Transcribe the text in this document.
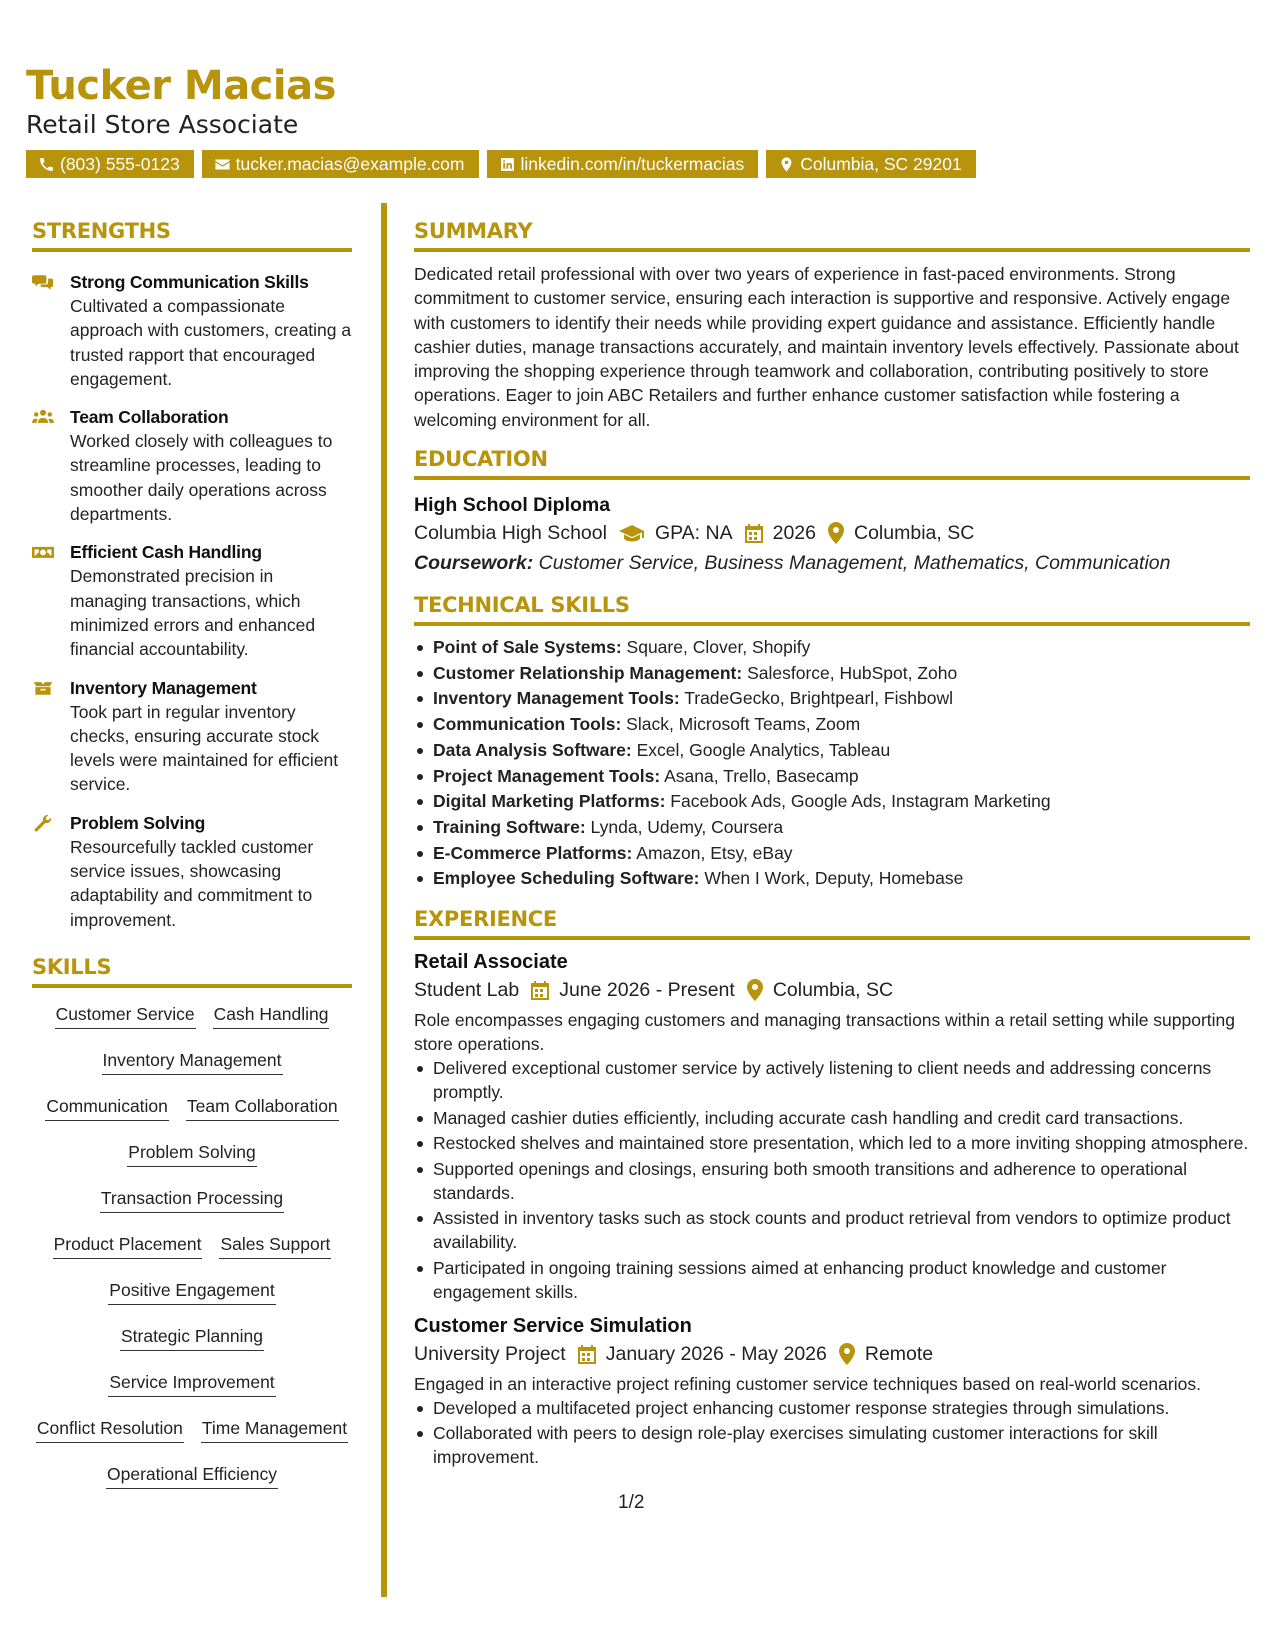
Tucker Macias
Retail Store Associate
(803) 555-0123	tucker.macias@example.com	linkedin.com/in/tuckermacias	Columbia, SC 29201
STRENGTHS
Strong Communication Skills
Cultivated a compassionate approach with customers, creating a trusted rapport that encouraged engagement.
Team Collaboration
Worked closely with colleagues to streamline processes, leading to smoother daily operations across departments.
Efficient Cash Handling
Demonstrated precision in managing transactions, which minimized errors and enhanced financial accountability.
Inventory Management
Took part in regular inventory checks, ensuring accurate stock levels were maintained for efficient service.
Problem Solving
Resourcefully tackled customer service issues, showcasing adaptability and commitment to improvement.
SKILLS
Customer Service Cash Handling
Inventory Management
Communication Team Collaboration
Problem Solving
Transaction Processing
Product Placement Sales Support
Positive Engagement
Strategic Planning
Service Improvement
Conflict Resolution Time Management
Operational Efficiency
SUMMARY
Dedicated retail professional with over two years of experience in fast-paced environments. Strong commitment to customer service, ensuring each interaction is supportive and responsive. Actively engage with customers to identify their needs while providing expert guidance and assistance. Efficiently handle cashier duties, manage transactions accurately, and maintain inventory levels effectively. Passionate about improving the shopping experience through teamwork and collaboration, contributing positively to store operations. Eager to join ABC Retailers and further enhance customer satisfaction while fostering a welcoming environment for all.
EDUCATION
High School Diploma
Columbia High School GPA: NA 2026 Columbia, SC
Coursework: Customer Service, Business Management, Mathematics, Communication
TECHNICAL SKILLS
Point of Sale Systems: Square, Clover, Shopify
Customer Relationship Management: Salesforce, HubSpot, Zoho
Inventory Management Tools: TradeGecko, Brightpearl, Fishbowl
Communication Tools: Slack, Microsoft Teams, Zoom
Data Analysis Software: Excel, Google Analytics, Tableau
Project Management Tools: Asana, Trello, Basecamp
Digital Marketing Platforms: Facebook Ads, Google Ads, Instagram Marketing
Training Software: Lynda, Udemy, Coursera
E-Commerce Platforms: Amazon, Etsy, eBay
Employee Scheduling Software: When I Work, Deputy, Homebase
EXPERIENCE
Retail Associate
Student Lab June 2026 - Present Columbia, SC
Role encompasses engaging customers and managing transactions within a retail setting while supporting store operations.
Delivered exceptional customer service by actively listening to client needs and addressing concerns promptly.
Managed cashier duties efficiently, including accurate cash handling and credit card transactions.
Restocked shelves and maintained store presentation, which led to a more inviting shopping atmosphere.
Supported openings and closings, ensuring both smooth transitions and adherence to operational standards.
Assisted in inventory tasks such as stock counts and product retrieval from vendors to optimize product availability.
Participated in ongoing training sessions aimed at enhancing product knowledge and customer engagement skills.
Customer Service Simulation
University Project January 2026 - May 2026 Remote
Engaged in an interactive project refining customer service techniques based on real-world scenarios.
Developed a multifaceted project enhancing customer response strategies through simulations.
Collaborated with peers to design role-play exercises simulating customer interactions for skill improvement.
1/2
